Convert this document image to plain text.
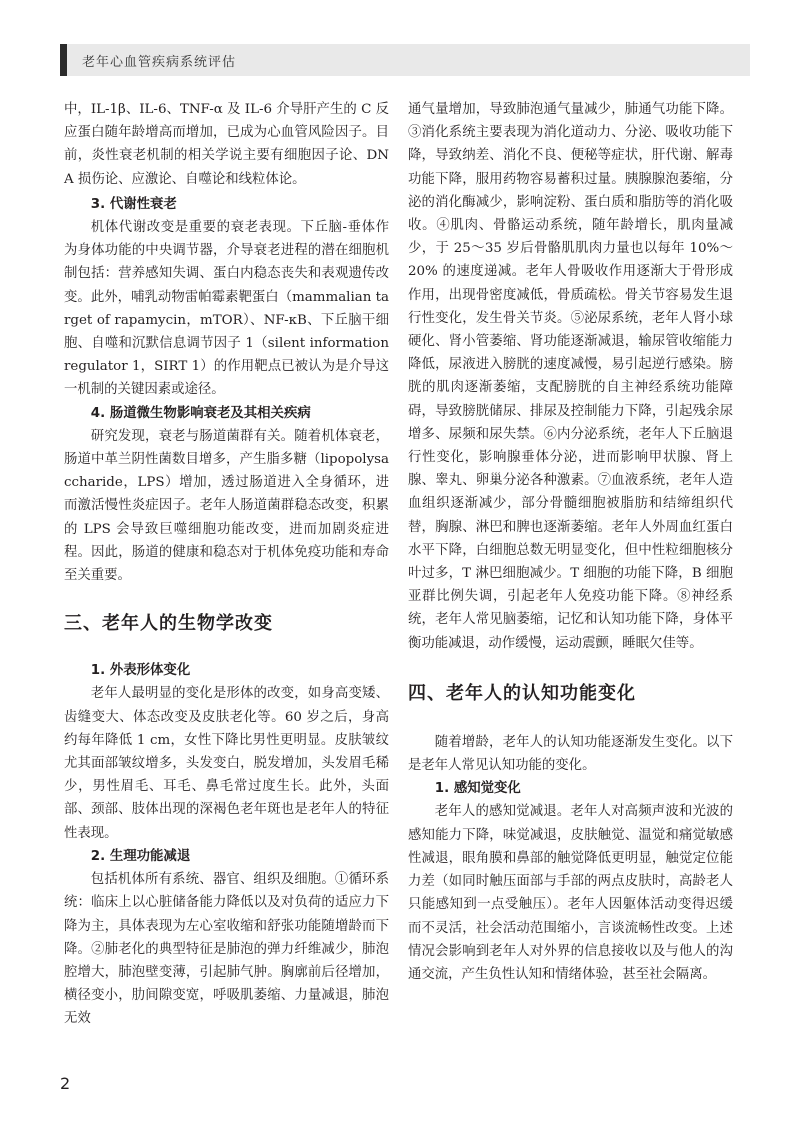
老年心血管疾病系统评估

中，IL-1β、IL-6、TNF-α 及 IL-6 介导肝产生的 C 反应蛋白随年龄增高而增加，已成为心血管风险因子。目前，炎性衰老机制的相关学说主要有细胞因子论、DNA 损伤论、应激论、自噬论和线粒体论。

3. 代谢性衰老

机体代谢改变是重要的衰老表现。下丘脑-垂体作为身体功能的中央调节器，介导衰老进程的潜在细胞机制包括：营养感知失调、蛋白内稳态丧失和表观遗传改变。此外，哺乳动物雷帕霉素靶蛋白（mammalian target of rapamycin，mTOR）、NF-κB、下丘脑干细胞、自噬和沉默信息调节因子 1（silent information regulator 1，SIRT 1）的作用靶点已被认为是介导这一机制的关键因素或途径。

4. 肠道微生物影响衰老及其相关疾病

研究发现，衰老与肠道菌群有关。随着机体衰老，肠道中革兰阴性菌数目增多，产生脂多糖（lipopolysaccharide，LPS）增加，透过肠道进入全身循环，进而激活慢性炎症因子。老年人肠道菌群稳态改变，积累的 LPS 会导致巨噬细胞功能改变，进而加剧炎症进程。因此，肠道的健康和稳态对于机体免疫功能和寿命至关重要。

三、老年人的生物学改变

1. 外表形体变化

老年人最明显的变化是形体的改变，如身高变矮、齿缝变大、体态改变及皮肤老化等。60 岁之后，身高约每年降低 1 cm，女性下降比男性更明显。皮肤皱纹尤其面部皱纹增多，头发变白，脱发增加，头发眉毛稀少，男性眉毛、耳毛、鼻毛常过度生长。此外，头面部、颈部、肢体出现的深褐色老年斑也是老年人的特征性表现。

2. 生理功能减退

包括机体所有系统、器官、组织及细胞。①循环系统：临床上以心脏储备能力降低以及对负荷的适应力下降为主，具体表现为左心室收缩和舒张功能随增龄而下降。②肺老化的典型特征是肺泡的弹力纤维减少，肺泡腔增大，肺泡壁变薄，引起肺气肿。胸廓前后径增加，横径变小，肋间隙变宽，呼吸肌萎缩、力量减退，肺泡无效

通气量增加，导致肺泡通气量减少，肺通气功能下降。③消化系统主要表现为消化道动力、分泌、吸收功能下降，导致纳差、消化不良、便秘等症状，肝代谢、解毒功能下降，服用药物容易蓄积过量。胰腺腺泡萎缩，分泌的消化酶减少，影响淀粉、蛋白质和脂肪等的消化吸收。④肌肉、骨骼运动系统，随年龄增长，肌肉量减少，于 25～35 岁后骨骼肌肌肉力量也以每年 10%～20% 的速度递减。老年人骨吸收作用逐渐大于骨形成作用，出现骨密度减低，骨质疏松。骨关节容易发生退行性变化，发生骨关节炎。⑤泌尿系统，老年人肾小球硬化、肾小管萎缩、肾功能逐渐减退，输尿管收缩能力降低，尿液进入膀胱的速度减慢，易引起逆行感染。膀胱的肌肉逐渐萎缩，支配膀胱的自主神经系统功能障碍，导致膀胱储尿、排尿及控制能力下降，引起残余尿增多、尿频和尿失禁。⑥内分泌系统，老年人下丘脑退行性变化，影响腺垂体分泌，进而影响甲状腺、肾上腺、睾丸、卵巢分泌各种激素。⑦血液系统，老年人造血组织逐渐减少，部分骨髓细胞被脂肪和结缔组织代替，胸腺、淋巴和脾也逐渐萎缩。老年人外周血红蛋白水平下降，白细胞总数无明显变化，但中性粒细胞核分叶过多，T 淋巴细胞减少。T 细胞的功能下降，B 细胞亚群比例失调，引起老年人免疫功能下降。⑧神经系统，老年人常见脑萎缩，记忆和认知功能下降，身体平衡功能减退，动作缓慢，运动震颤，睡眠欠佳等。

四、老年人的认知功能变化

随着增龄，老年人的认知功能逐渐发生变化。以下是老年人常见认知功能的变化。

1. 感知觉变化

老年人的感知觉减退。老年人对高频声波和光波的感知能力下降，味觉减退，皮肤触觉、温觉和痛觉敏感性减退，眼角膜和鼻部的触觉降低更明显，触觉定位能力差（如同时触压面部与手部的两点皮肤时，高龄老人只能感知到一点受触压）。老年人因躯体活动变得迟缓而不灵活，社会活动范围缩小，言谈流畅性改变。上述情况会影响到老年人对外界的信息接收以及与他人的沟通交流，产生负性认知和情绪体验，甚至社会隔离。

2
